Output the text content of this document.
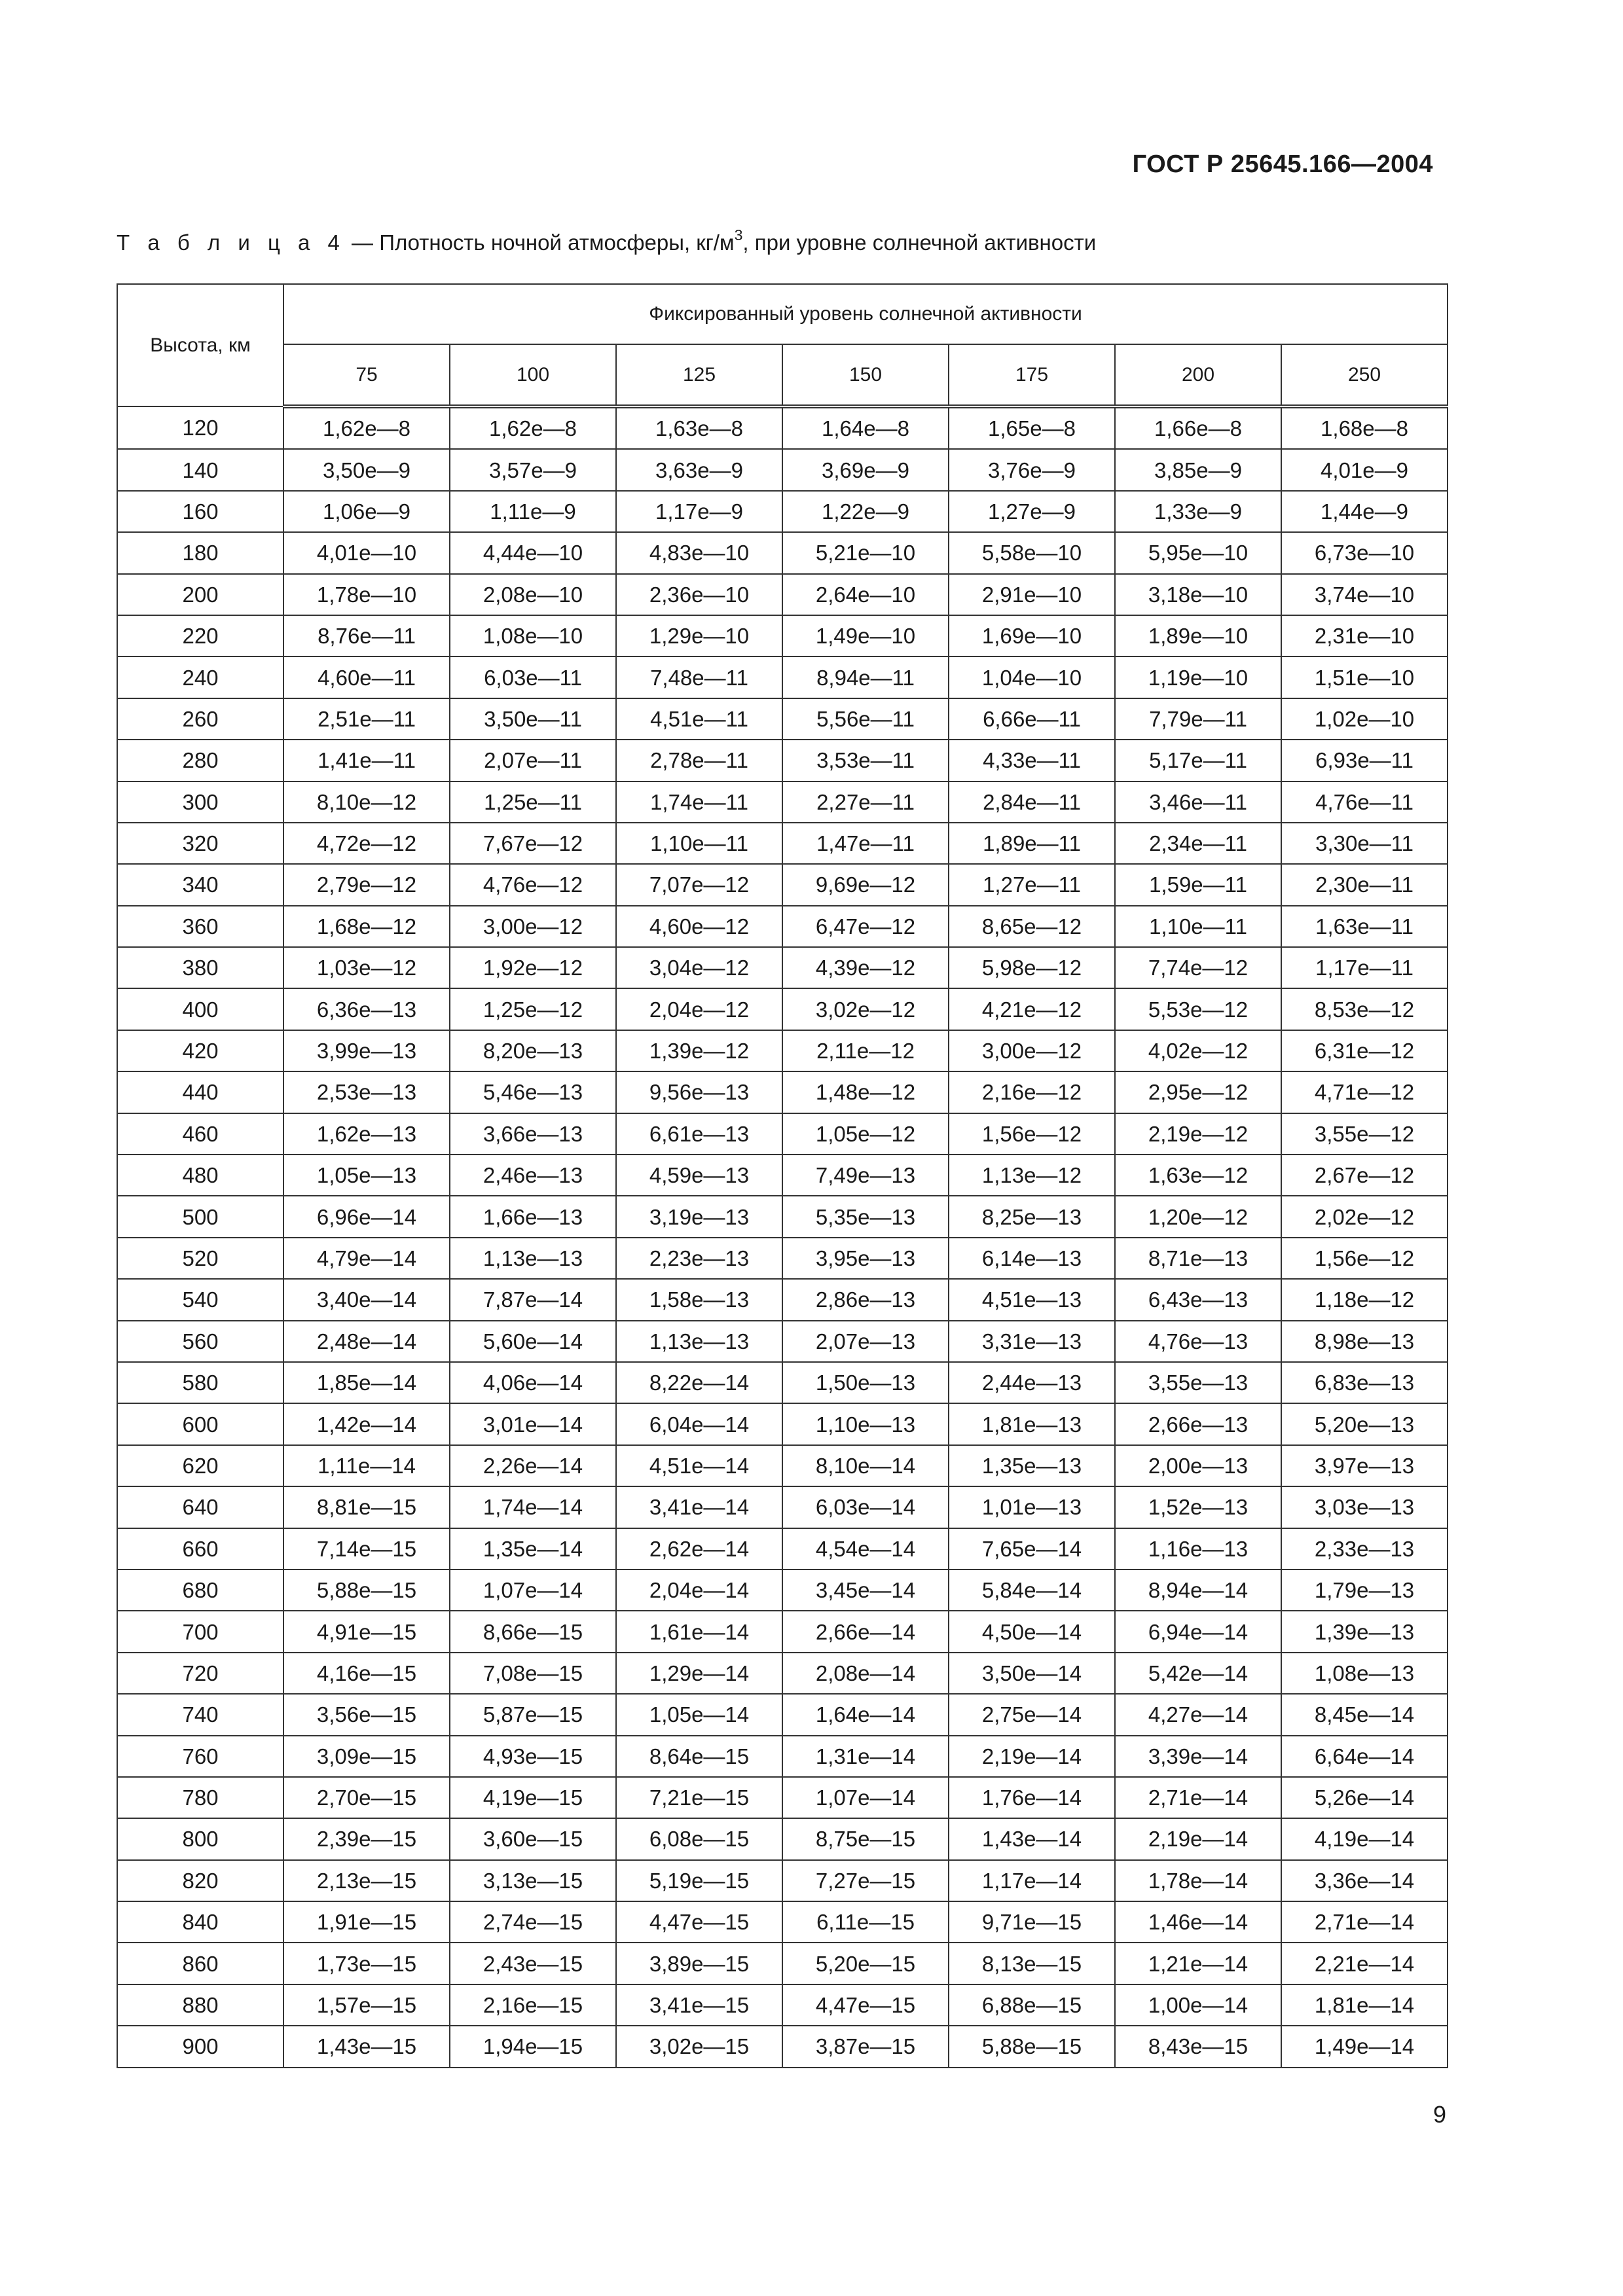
ГОСТ Р 25645.166—2004
Т а б л и ц а 4 — Плотность ночной атмосферы, $кг/м^3$, при уровне солнечной активности
Высота, км	Фиксированный уровень солнечной активности						
	75	100	125	150	175	200	250
120	1,62e—8	1,62e—8	1,63e—8	1,64e—8	1,65e—8	1,66e—8	1,68e—8
140	3,50e—9	3,57e—9	3,63e—9	3,69e—9	3,76e—9	3,85e—9	4,01e—9
160	1,06e—9	1,11e—9	1,17e—9	1,22e—9	1,27e—9	1,33e—9	1,44e—9
180	4,01e—10	4,44e—10	4,83e—10	5,21e—10	5,58e—10	5,95e—10	6,73e—10
200	1,78e—10	2,08e—10	2,36e—10	2,64e—10	2,91e—10	3,18e—10	3,74e—10
220	8,76e—11	1,08e—10	1,29e—10	1,49e—10	1,69e—10	1,89e—10	2,31e—10
240	4,60e—11	6,03e—11	7,48e—11	8,94e—11	1,04e—10	1,19e—10	1,51e—10
260	2,51e—11	3,50e—11	4,51e—11	5,56e—11	6,66e—11	7,79e—11	1,02e—10
280	1,41e—11	2,07e—11	2,78e—11	3,53e—11	4,33e—11	5,17e—11	6,93e—11
300	8,10e—12	1,25e—11	1,74e—11	2,27e—11	2,84e—11	3,46e—11	4,76e—11
320	4,72e—12	7,67e—12	1,10e—11	1,47e—11	1,89e—11	2,34e—11	3,30e—11
340	2,79e—12	4,76e—12	7,07e—12	9,69e—12	1,27e—11	1,59e—11	2,30e—11
360	1,68e—12	3,00e—12	4,60e—12	6,47e—12	8,65e—12	1,10e—11	1,63e—11
380	1,03e—12	1,92e—12	3,04e—12	4,39e—12	5,98e—12	7,74e—12	1,17e—11
400	6,36e—13	1,25e—12	2,04e—12	3,02e—12	4,21e—12	5,53e—12	8,53e—12
420	3,99e—13	8,20e—13	1,39e—12	2,11e—12	3,00e—12	4,02e—12	6,31e—12
440	2,53e—13	5,46e—13	9,56e—13	1,48e—12	2,16e—12	2,95e—12	4,71e—12
460	1,62e—13	3,66e—13	6,61e—13	1,05e—12	1,56e—12	2,19e—12	3,55e—12
480	1,05e—13	2,46e—13	4,59e—13	7,49e—13	1,13e—12	1,63e—12	2,67e—12
500	6,96e—14	1,66e—13	3,19e—13	5,35e—13	8,25e—13	1,20e—12	2,02e—12
520	4,79e—14	1,13e—13	2,23e—13	3,95e—13	6,14e—13	8,71e—13	1,56e—12
540	3,40e—14	7,87e—14	1,58e—13	2,86e—13	4,51e—13	6,43e—13	1,18e—12
560	2,48e—14	5,60e—14	1,13e—13	2,07e—13	3,31e—13	4,76e—13	8,98e—13
580	1,85e—14	4,06e—14	8,22e—14	1,50e—13	2,44e—13	3,55e—13	6,83e—13
600	1,42e—14	3,01e—14	6,04e—14	1,10e—13	1,81e—13	2,66e—13	5,20e—13
620	1,11e—14	2,26e—14	4,51e—14	8,10e—14	1,35e—13	2,00e—13	3,97e—13
640	8,81e—15	1,74e—14	3,41e—14	6,03e—14	1,01e—13	1,52e—13	3,03e—13
660	7,14e—15	1,35e—14	2,62e—14	4,54e—14	7,65e—14	1,16e—13	2,33e—13
680	5,88e—15	1,07e—14	2,04e—14	3,45e—14	5,84e—14	8,94e—14	1,79e—13
700	4,91e—15	8,66e—15	1,61e—14	2,66e—14	4,50e—14	6,94e—14	1,39e—13
720	4,16e—15	7,08e—15	1,29e—14	2,08e—14	3,50e—14	5,42e—14	1,08e—13
740	3,56e—15	5,87e—15	1,05e—14	1,64e—14	2,75e—14	4,27e—14	8,45e—14
760	3,09e—15	4,93e—15	8,64e—15	1,31e—14	2,19e—14	3,39e—14	6,64e—14
780	2,70e—15	4,19e—15	7,21e—15	1,07e—14	1,76e—14	2,71e—14	5,26e—14
800	2,39e—15	3,60e—15	6,08e—15	8,75e—15	1,43e—14	2,19e—14	4,19e—14
820	2,13e—15	3,13e—15	5,19e—15	7,27e—15	1,17e—14	1,78e—14	3,36e—14
840	1,91e—15	2,74e—15	4,47e—15	6,11e—15	9,71e—15	1,46e—14	2,71e—14
860	1,73e—15	2,43e—15	3,89e—15	5,20e—15	8,13e—15	1,21e—14	2,21e—14
880	1,57e—15	2,16e—15	3,41e—15	4,47e—15	6,88e—15	1,00e—14	1,81e—14
900	1,43e—15	1,94e—15	3,02e—15	3,87e—15	5,88e—15	8,43e—15	1,49e—14
9
